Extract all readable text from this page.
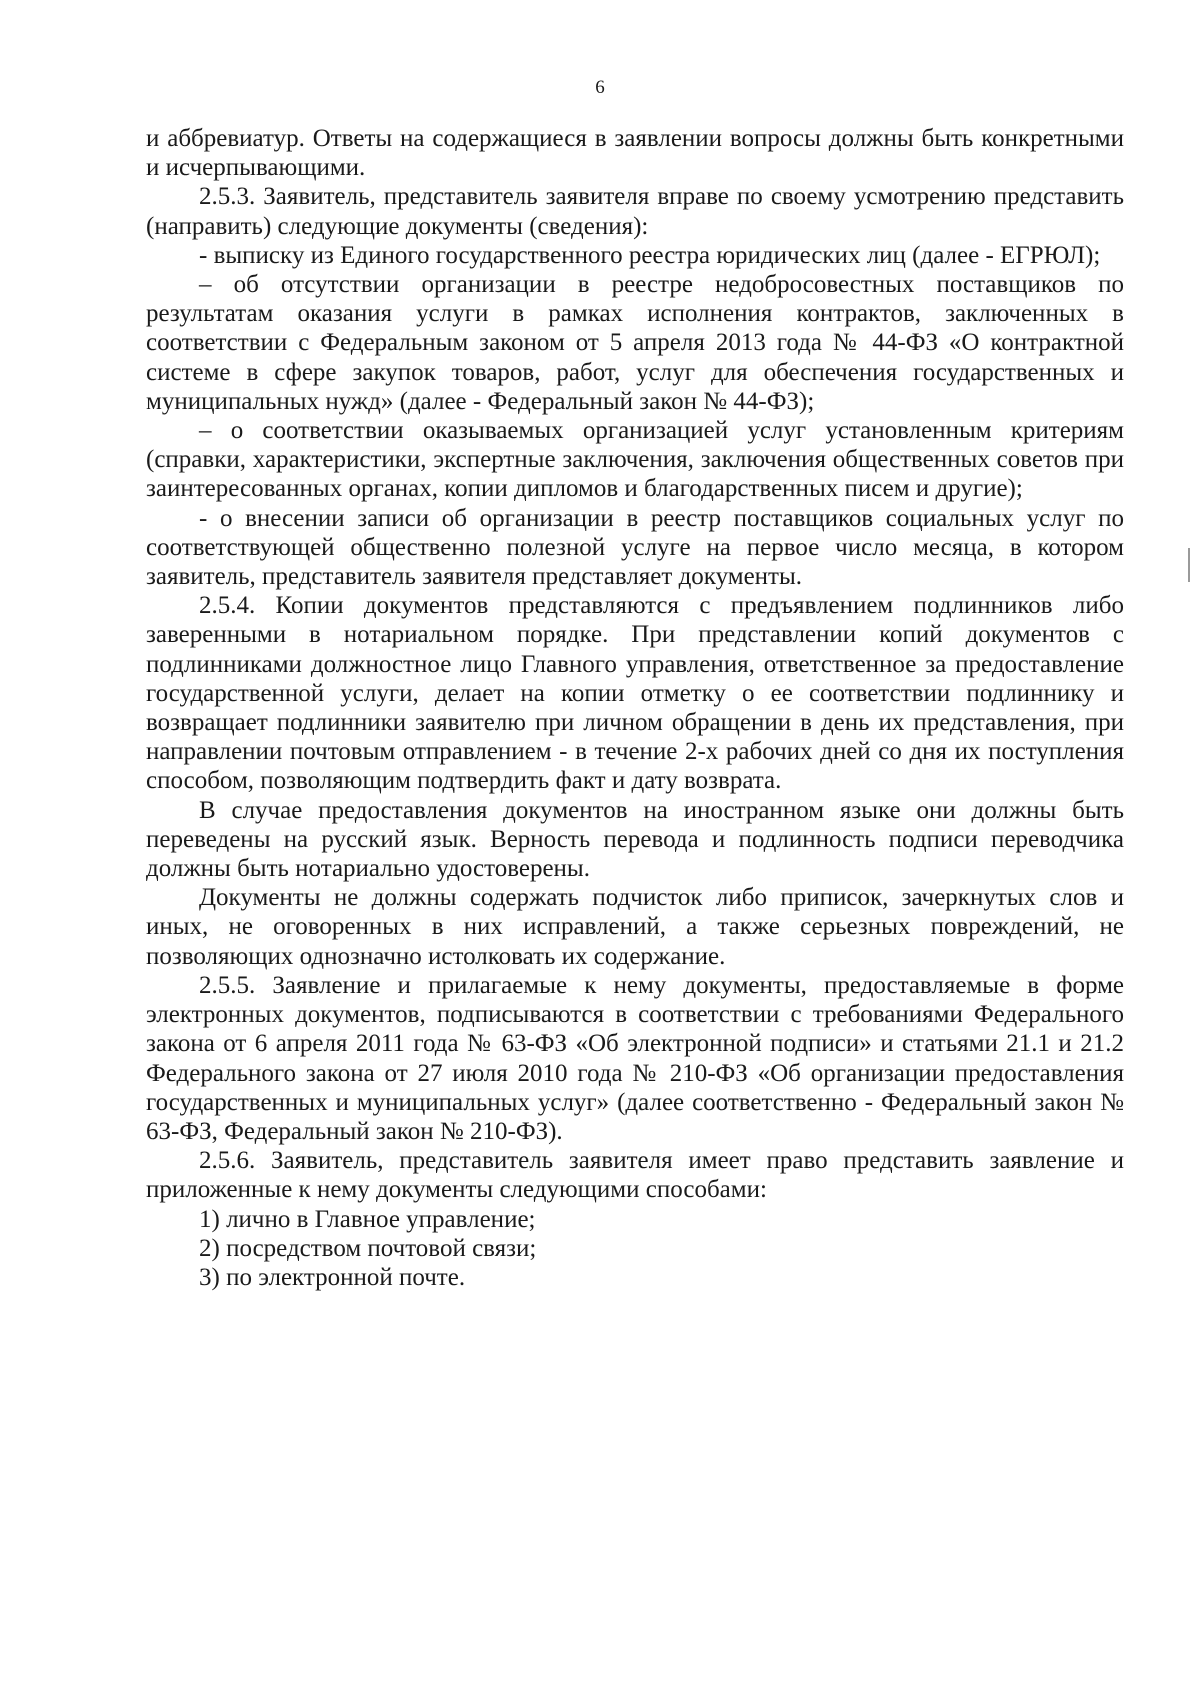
6

и аббревиатур. Ответы на содержащиеся в заявлении вопросы должны быть конкретными и исчерпывающими.

2.5.3. Заявитель, представитель заявителя вправе по своему усмотрению представить (направить) следующие документы (сведения):

- выписку из Единого государственного реестра юридических лиц (далее - ЕГРЮЛ);

– об отсутствии организации в реестре недобросовестных поставщиков по результатам оказания услуги в рамках исполнения контрактов, заключенных в соответствии с Федеральным законом от 5 апреля 2013 года № 44-ФЗ «О контрактной системе в сфере закупок товаров, работ, услуг для обеспечения государственных и муниципальных нужд» (далее - Федеральный закон № 44-ФЗ);

– о соответствии оказываемых организацией услуг установленным критериям (справки, характеристики, экспертные заключения, заключения общественных советов при заинтересованных органах, копии дипломов и благодарственных писем и другие);

- о внесении записи об организации в реестр поставщиков социальных услуг по соответствующей общественно полезной услуге на первое число месяца, в котором заявитель, представитель заявителя представляет документы.

2.5.4. Копии документов представляются с предъявлением подлинников либо заверенными в нотариальном порядке. При представлении копий документов с подлинниками должностное лицо Главного управления, ответственное за предоставление государственной услуги, делает на копии отметку о ее соответствии подлиннику и возвращает подлинники заявителю при личном обращении в день их представления, при направлении почтовым отправлением - в течение 2-х рабочих дней со дня их поступления способом, позволяющим подтвердить факт и дату возврата.

В случае предоставления документов на иностранном языке они должны быть переведены на русский язык. Верность перевода и подлинность подписи переводчика должны быть нотариально удостоверены.

Документы не должны содержать подчисток либо приписок, зачеркнутых слов и иных, не оговоренных в них исправлений, а также серьезных повреждений, не позволяющих однозначно истолковать их содержание.

2.5.5. Заявление и прилагаемые к нему документы, предоставляемые в форме электронных документов, подписываются в соответствии с требованиями Федерального закона от 6 апреля 2011 года № 63-ФЗ «Об электронной подписи» и статьями 21.1 и 21.2 Федерального закона от 27 июля 2010 года № 210-ФЗ «Об организации предоставления государственных и муниципальных услуг» (далее соответственно - Федеральный закон № 63-ФЗ, Федеральный закон № 210-ФЗ).

2.5.6. Заявитель, представитель заявителя имеет право представить заявление и приложенные к нему документы следующими способами:

1) лично в Главное управление;

2) посредством почтовой связи;

3) по электронной почте.
